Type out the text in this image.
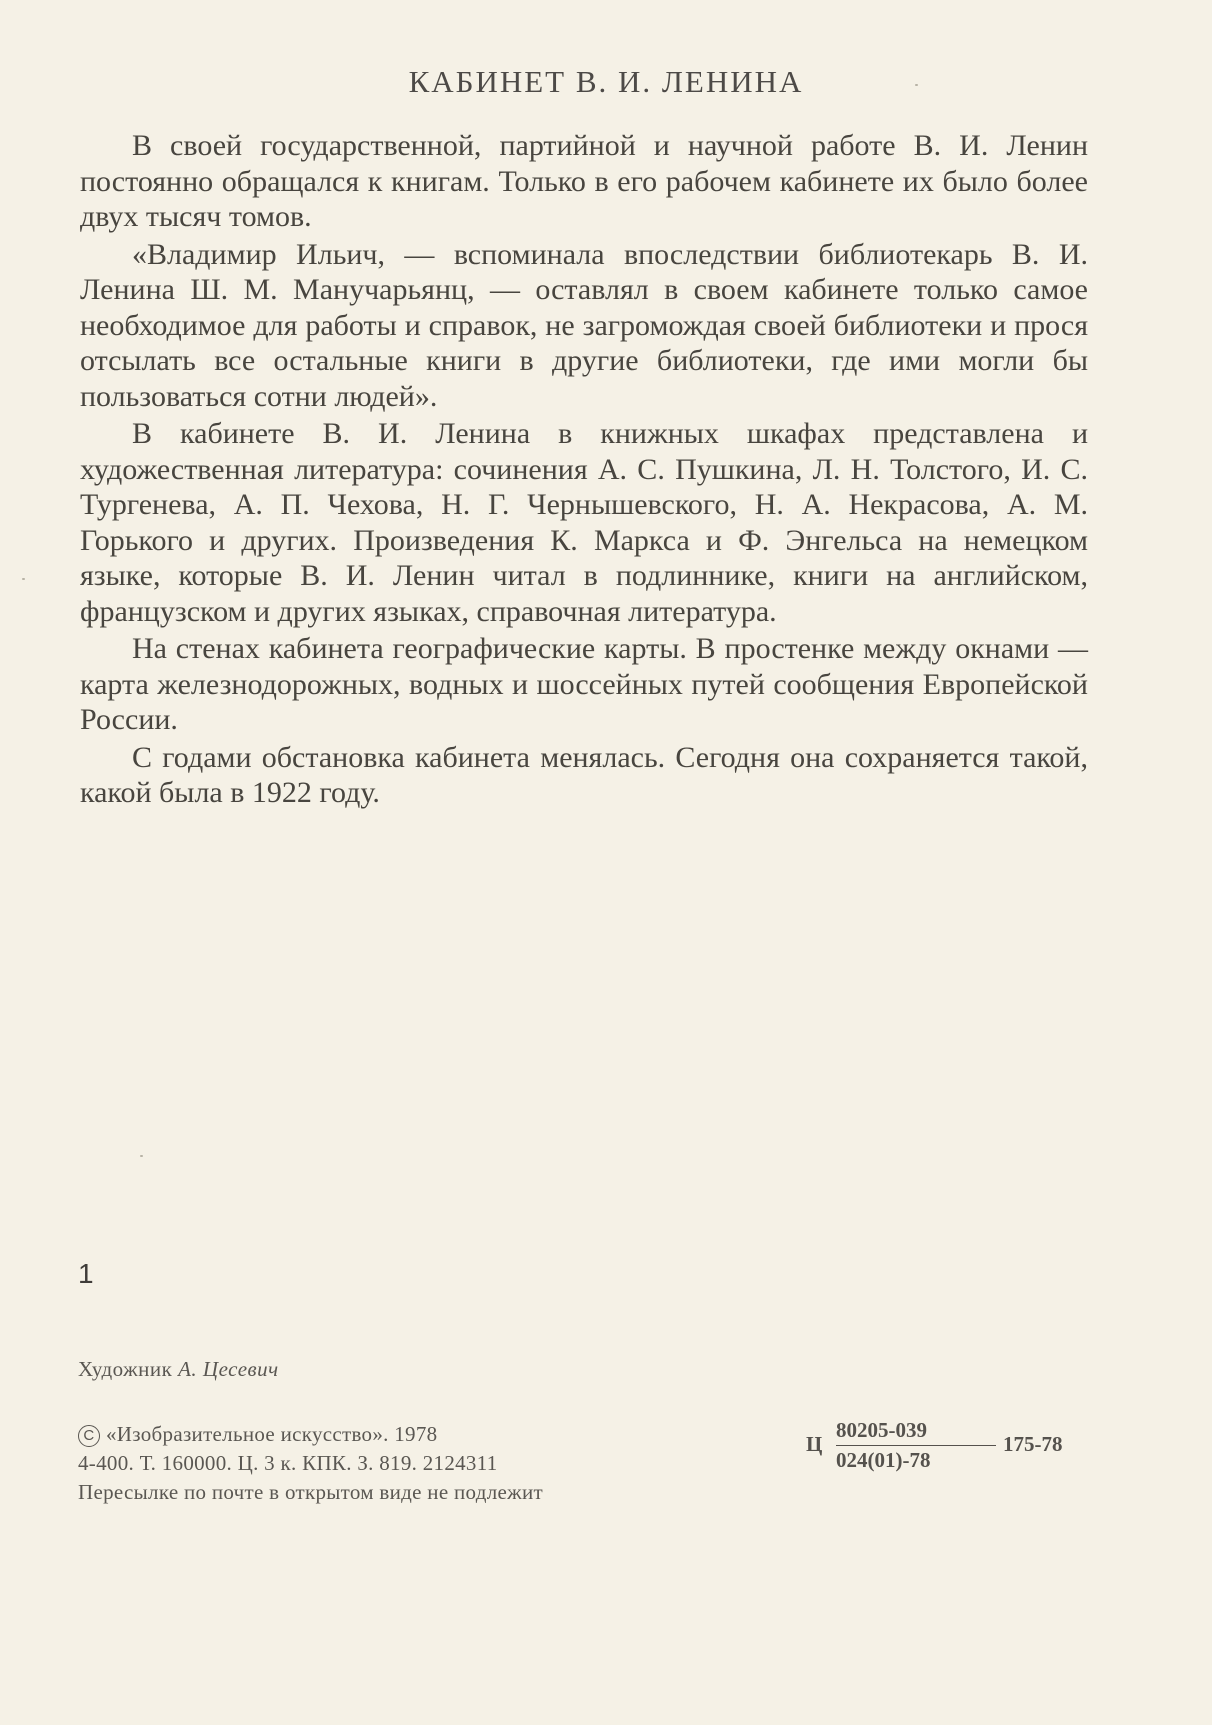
КАБИНЕТ В. И. ЛЕНИНА

В своей государственной, партийной и научной работе В. И. Ленин постоянно обращался к книгам. Только в его рабочем кабинете их было более двух тысяч томов.

«Владимир Ильич, — вспоминала впоследствии библиотекарь В. И. Ленина Ш. М. Манучарьянц, — оставлял в своем кабинете только самое необходимое для работы и справок, не загромождая своей библиотеки и прося отсылать все остальные книги в другие библиотеки, где ими могли бы пользоваться сотни людей».

В кабинете В. И. Ленина в книжных шкафах представлена и художественная литература: сочинения А. С. Пушкина, Л. Н. Толстого, И. С. Тургенева, А. П. Чехова, Н. Г. Чернышевского, Н. А. Некрасова, А. М. Горького и других. Произведения К. Маркса и Ф. Энгельса на немецком языке, которые В. И. Ленин читал в подлиннике, книги на английском, французском и других языках, справочная литература.

На стенах кабинета географические карты. В простенке между окнами — карта железнодорожных, водных и шоссейных путей сообщения Европейской России.

С годами обстановка кабинета менялась. Сегодня она сохраняется такой, какой была в 1922 году.

1
Художник А. Цесевич
C «Изобразительное искусство». 1978
4-400. Т. 160000. Ц. 3 к. КПК. З. 819. 2124311
Пересылке по почте в открытом виде не подлежит
Ц
80205-039
024(01)-78
175-78
